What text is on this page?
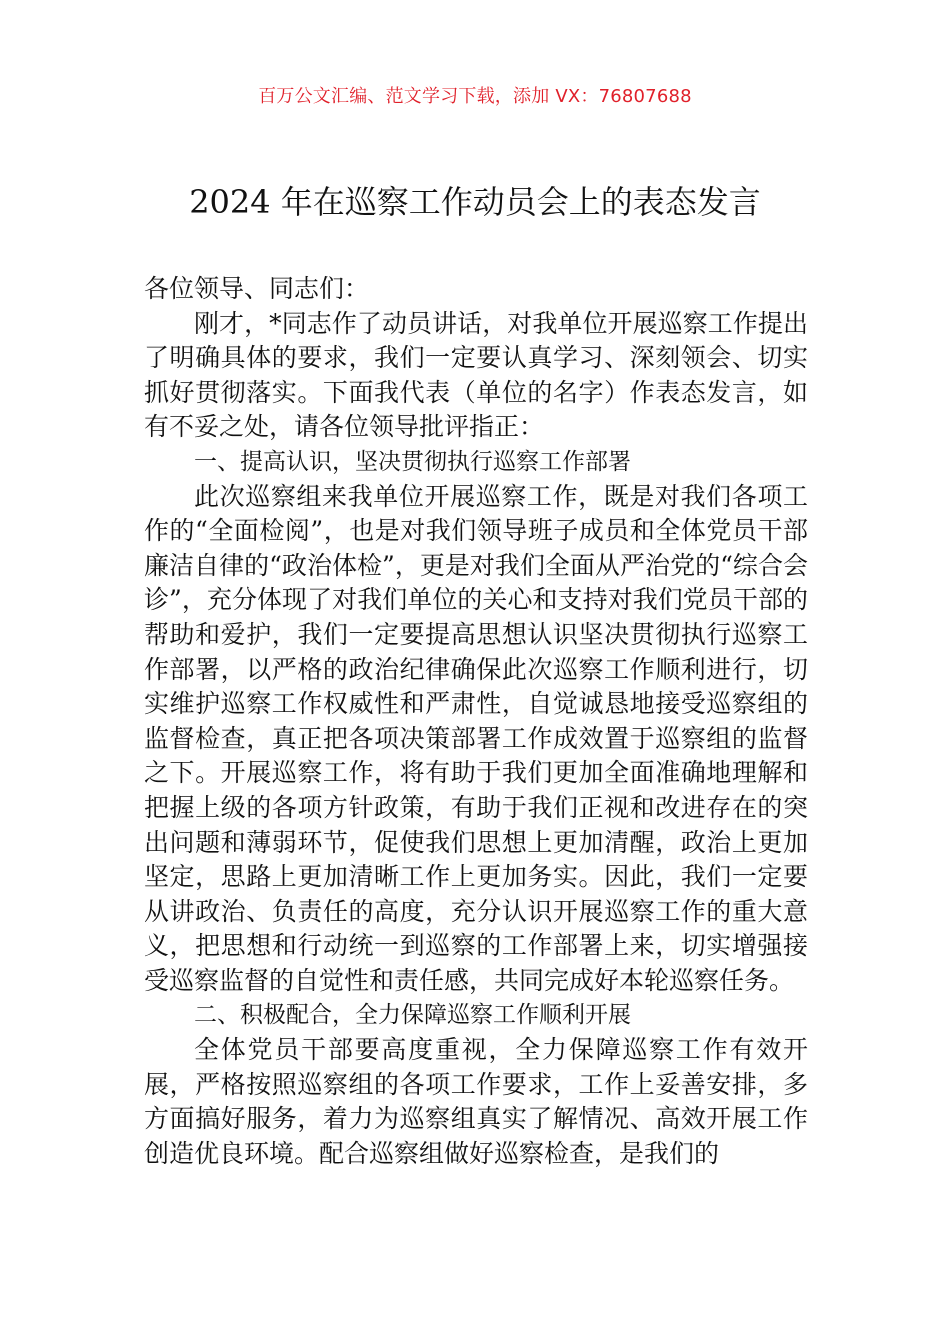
百万公文汇编、范文学习下载，添加 VX：76807688
2024 年在巡察工作动员会上的表态发言

各位领导、同志们：

刚才，*同志作了动员讲话，对我单位开展巡察工作提出了明确具体的要求，我们一定要认真学习、深刻领会、切实抓好贯彻落实。下面我代表（单位的名字）作表态发言，如有不妥之处，请各位领导批评指正：

一、提高认识，坚决贯彻执行巡察工作部署

此次巡察组来我单位开展巡察工作，既是对我们各项工作的“全面检阅”，也是对我们领导班子成员和全体党员干部廉洁自律的“政治体检”，更是对我们全面从严治党的“综合会诊”，充分体现了对我们单位的关心和支持对我们党员干部的帮助和爱护，我们一定要提高思想认识坚决贯彻执行巡察工作部署，以严格的政治纪律确保此次巡察工作顺利进行，切实维护巡察工作权威性和严肃性，自觉诚恳地接受巡察组的监督检查，真正把各项决策部署工作成效置于巡察组的监督之下。开展巡察工作，将有助于我们更加全面准确地理解和把握上级的各项方针政策，有助于我们正视和改进存在的突出问题和薄弱环节，促使我们思想上更加清醒，政治上更加坚定，思路上更加清晰工作上更加务实。因此，我们一定要从讲政治、负责任的高度，充分认识开展巡察工作的重大意义，把思想和行动统一到巡察的工作部署上来，切实增强接受巡察监督的自觉性和责任感，共同完成好本轮巡察任务。

二、积极配合，全力保障巡察工作顺利开展

全体党员干部要高度重视，全力保障巡察工作有效开展，严格按照巡察组的各项工作要求，工作上妥善安排，多方面搞好服务，着力为巡察组真实了解情况、高效开展工作创造优良环境。配合巡察组做好巡察检查，是我们的
